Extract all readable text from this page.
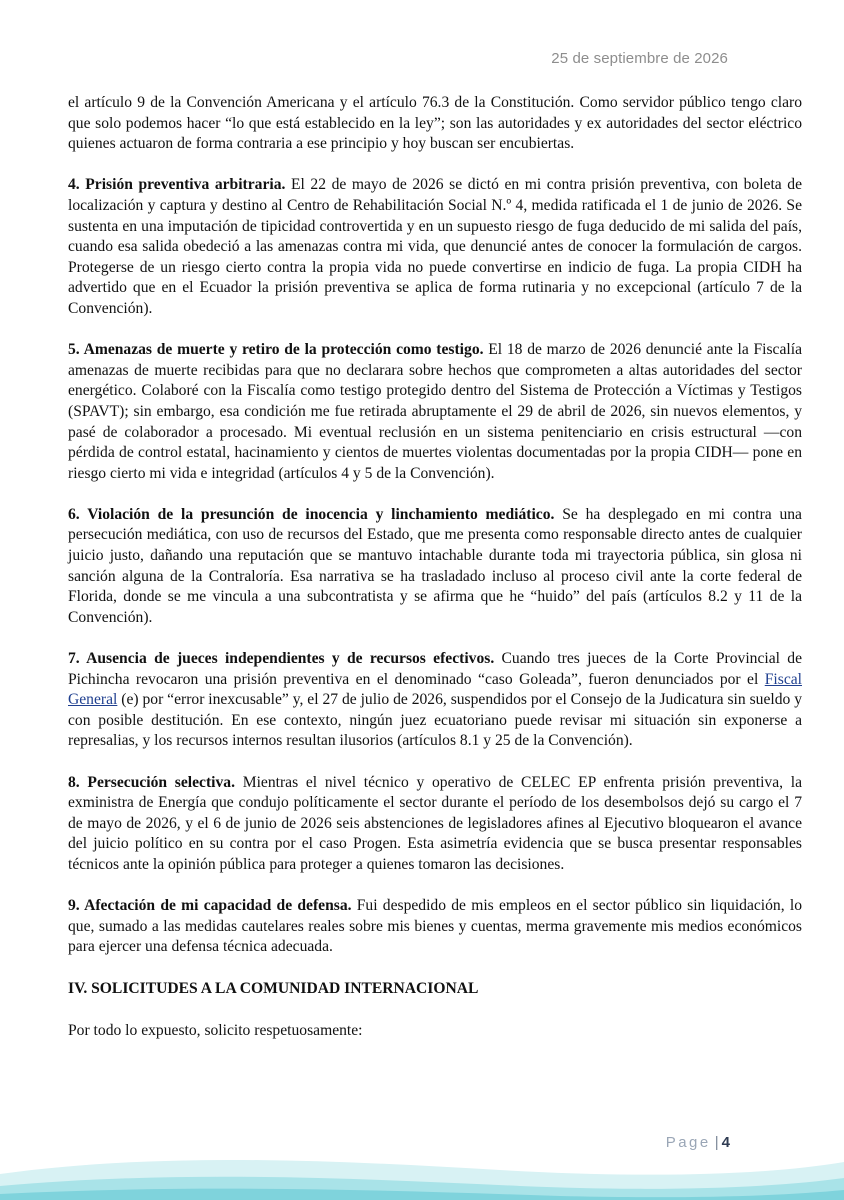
25 de septiembre de 2026

el artículo 9 de la Convención Americana y el artículo 76.3 de la Constitución. Como servidor público tengo claro que solo podemos hacer “lo que está establecido en la ley”; son las autoridades y ex autoridades del sector eléctrico quienes actuaron de forma contraria a ese principio y hoy buscan ser encubiertas.

4. Prisión preventiva arbitraria. El 22 de mayo de 2026 se dictó en mi contra prisión preventiva, con boleta de localización y captura y destino al Centro de Rehabilitación Social N.º 4, medida ratificada el 1 de junio de 2026. Se sustenta en una imputación de tipicidad controvertida y en un supuesto riesgo de fuga deducido de mi salida del país, cuando esa salida obedeció a las amenazas contra mi vida, que denuncié antes de conocer la formulación de cargos. Protegerse de un riesgo cierto contra la propia vida no puede convertirse en indicio de fuga. La propia CIDH ha advertido que en el Ecuador la prisión preventiva se aplica de forma rutinaria y no excepcional (artículo 7 de la Convención).

5. Amenazas de muerte y retiro de la protección como testigo. El 18 de marzo de 2026 denuncié ante la Fiscalía amenazas de muerte recibidas para que no declarara sobre hechos que comprometen a altas autoridades del sector energético. Colaboré con la Fiscalía como testigo protegido dentro del Sistema de Protección a Víctimas y Testigos (SPAVT); sin embargo, esa condición me fue retirada abruptamente el 29 de abril de 2026, sin nuevos elementos, y pasé de colaborador a procesado. Mi eventual reclusión en un sistema penitenciario en crisis estructural —con pérdida de control estatal, hacinamiento y cientos de muertes violentas documentadas por la propia CIDH— pone en riesgo cierto mi vida e integridad (artículos 4 y 5 de la Convención).

6. Violación de la presunción de inocencia y linchamiento mediático. Se ha desplegado en mi contra una persecución mediática, con uso de recursos del Estado, que me presenta como responsable directo antes de cualquier juicio justo, dañando una reputación que se mantuvo intachable durante toda mi trayectoria pública, sin glosa ni sanción alguna de la Contraloría. Esa narrativa se ha trasladado incluso al proceso civil ante la corte federal de Florida, donde se me vincula a una subcontratista y se afirma que he “huido” del país (artículos 8.2 y 11 de la Convención).

7. Ausencia de jueces independientes y de recursos efectivos. Cuando tres jueces de la Corte Provincial de Pichincha revocaron una prisión preventiva en el denominado “caso Goleada”, fueron denunciados por el Fiscal General (e) por “error inexcusable” y, el 27 de julio de 2026, suspendidos por el Consejo de la Judicatura sin sueldo y con posible destitución. En ese contexto, ningún juez ecuatoriano puede revisar mi situación sin exponerse a represalias, y los recursos internos resultan ilusorios (artículos 8.1 y 25 de la Convención).

8. Persecución selectiva. Mientras el nivel técnico y operativo de CELEC EP enfrenta prisión preventiva, la exministra de Energía que condujo políticamente el sector durante el período de los desembolsos dejó su cargo el 7 de mayo de 2026, y el 6 de junio de 2026 seis abstenciones de legisladores afines al Ejecutivo bloquearon el avance del juicio político en su contra por el caso Progen. Esta asimetría evidencia que se busca presentar responsables técnicos ante la opinión pública para proteger a quienes tomaron las decisiones.

9. Afectación de mi capacidad de defensa. Fui despedido de mis empleos en el sector público sin liquidación, lo que, sumado a las medidas cautelares reales sobre mis bienes y cuentas, merma gravemente mis medios económicos para ejercer una defensa técnica adecuada.

IV. SOLICITUDES A LA COMUNIDAD INTERNACIONAL

Por todo lo expuesto, solicito respetuosamente:

Page | 4
